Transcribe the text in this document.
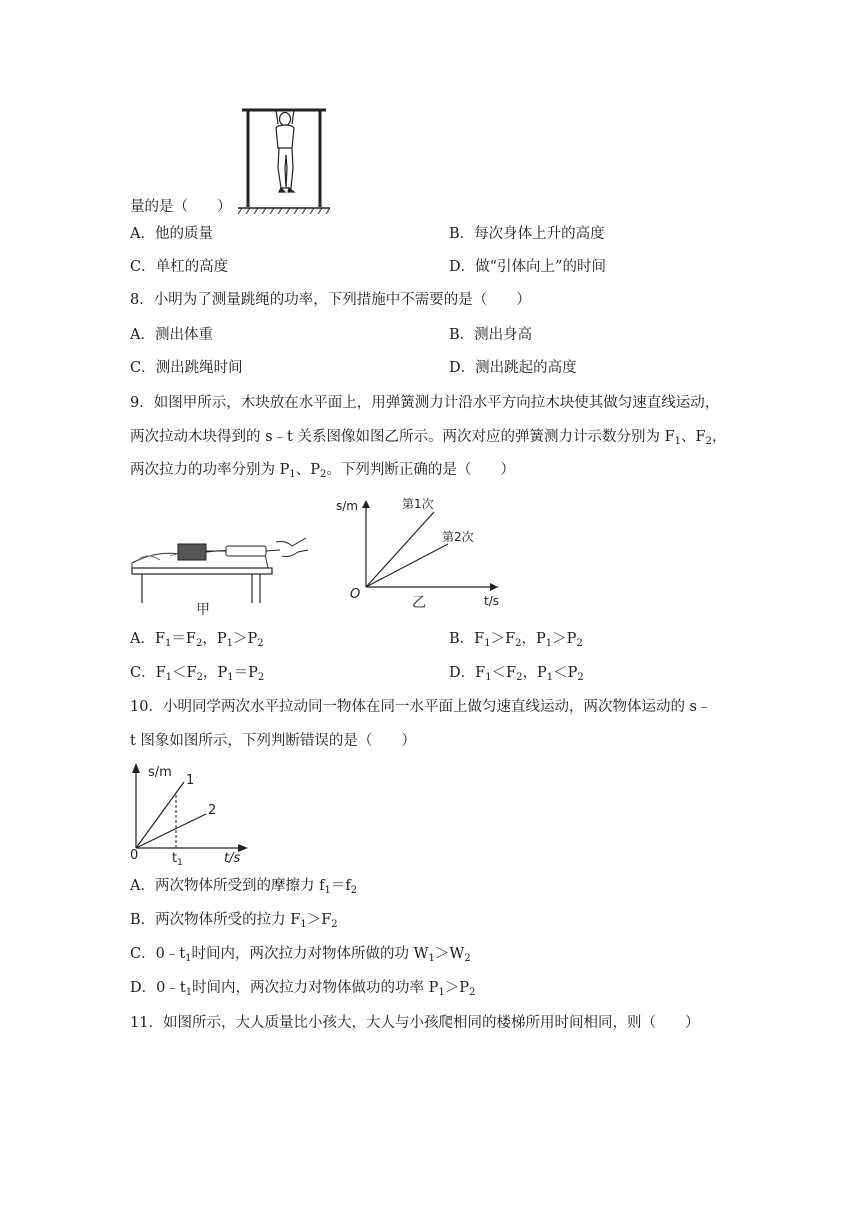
量的是（　　）
A．他的质量	B．每次身体上升的高度
C．单杠的高度	D．做“引体向上”的时间
8．小明为了测量跳绳的功率，下列措施中不需要的是（　　）
A．测出体重	B．测出身高
C．测出跳绳时间	D．测出跳起的高度
9．如图甲所示，木块放在水平面上，用弹簧测力计沿水平方向拉木块使其做匀速直线运动，
两次拉动木块得到的 s﹣t 关系图像如图乙所示。两次对应的弹簧测力计示数分别为 $F_1$、$F_2$，
两次拉力的功率分别为 $P_1$、$P_2$。下列判断正确的是（　　）
甲
s/m
t/s
O
乙
第1次
第2次
A．$F_1=F_2$，$P_1>P_2$	B．$F_1>F_2$，$P_1>P_2$
C．$F_1<F_2$，$P_1=P_2$	D．$F_1<F_2$，$P_1<P_2$
10．小明同学两次水平拉动同一物体在同一水平面上做匀速直线运动，两次物体运动的 s﹣
t 图象如图所示，下列判断错误的是（　　）
s/m
t/s
0	$t_1$
1
2
A．两次物体所受到的摩擦力 $f_1=f_2$
B．两次物体所受的拉力 $F_1>F_2$
C．$0﹣t_1$时间内，两次拉力对物体所做的功 $W_1>W_2$
D．$0﹣t_1$时间内，两次拉力对物体做功的功率 $P_1>P_2$
11．如图所示，大人质量比小孩大，大人与小孩爬相同的楼梯所用时间相同，则（　　）
